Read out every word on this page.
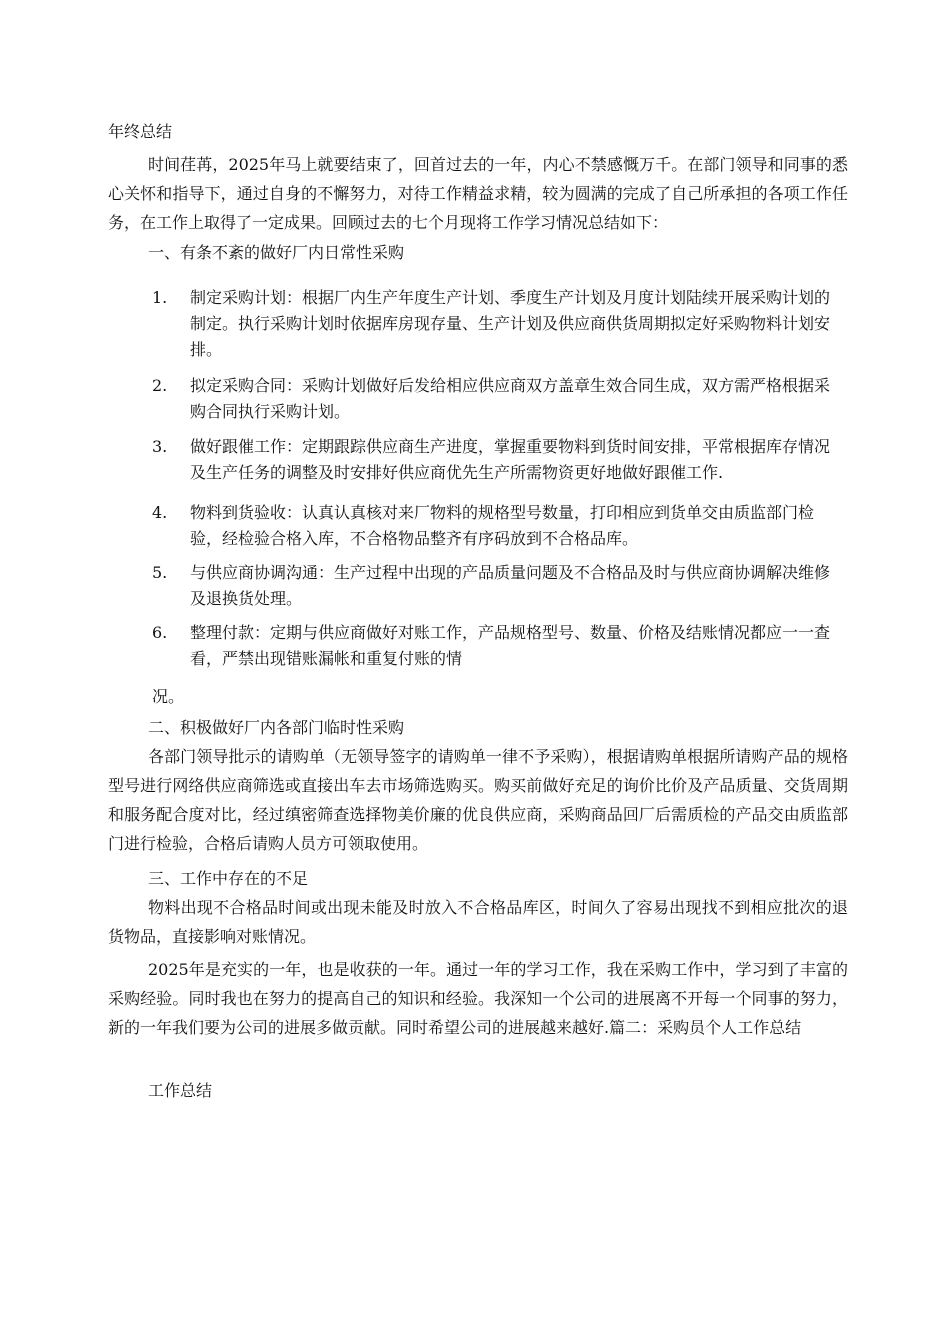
年终总结

时间荏苒，2025年马上就要结束了，回首过去的一年，内心不禁感慨万千。在部门领导和同事的悉心关怀和指导下，通过自身的不懈努力，对待工作精益求精，较为圆满的完成了自己所承担的各项工作任务，在工作上取得了一定成果。回顾过去的七个月现将工作学习情况总结如下：

一、有条不紊的做好厂内日常性采购

1.	制定采购计划：根据厂内生产年度生产计划、季度生产计划及月度计划陆续开展采购计划的制定。执行采购计划时依据库房现存量、生产计划及供应商供货周期拟定好采购物料计划安排。
2.	拟定采购合同：采购计划做好后发给相应供应商双方盖章生效合同生成，双方需严格根据采购合同执行采购计划。
3.	做好跟催工作：定期跟踪供应商生产进度，掌握重要物料到货时间安排，平常根据库存情况及生产任务的调整及时安排好供应商优先生产所需物资更好地做好跟催工作.
4.	物料到货验收：认真认真核对来厂物料的规格型号数量，打印相应到货单交由质监部门检验，经检验合格入库，不合格物品整齐有序码放到不合格品库。
5.	与供应商协调沟通：生产过程中出现的产品质量问题及不合格品及时与供应商协调解决维修及退换货处理。
6.	整理付款：定期与供应商做好对账工作，产品规格型号、数量、价格及结账情况都应一一查看，严禁出现错账漏帐和重复付账的情

况。

二、积极做好厂内各部门临时性采购

各部门领导批示的请购单（无领导签字的请购单一律不予采购），根据请购单根据所请购产品的规格型号进行网络供应商筛选或直接出车去市场筛选购买。购买前做好充足的询价比价及产品质量、交货周期和服务配合度对比，经过缜密筛查选择物美价廉的优良供应商，采购商品回厂后需质检的产品交由质监部门进行检验，合格后请购人员方可领取使用。

三、工作中存在的不足

物料出现不合格品时间或出现未能及时放入不合格品库区，时间久了容易出现找不到相应批次的退货物品，直接影响对账情况。

2025年是充实的一年，也是收获的一年。通过一年的学习工作，我在采购工作中，学习到了丰富的采购经验。同时我也在努力的提高自己的知识和经验。我深知一个公司的进展离不开每一个同事的努力，新的一年我们要为公司的进展多做贡献。同时希望公司的进展越来越好.篇二：采购员个人工作总结

工作总结
